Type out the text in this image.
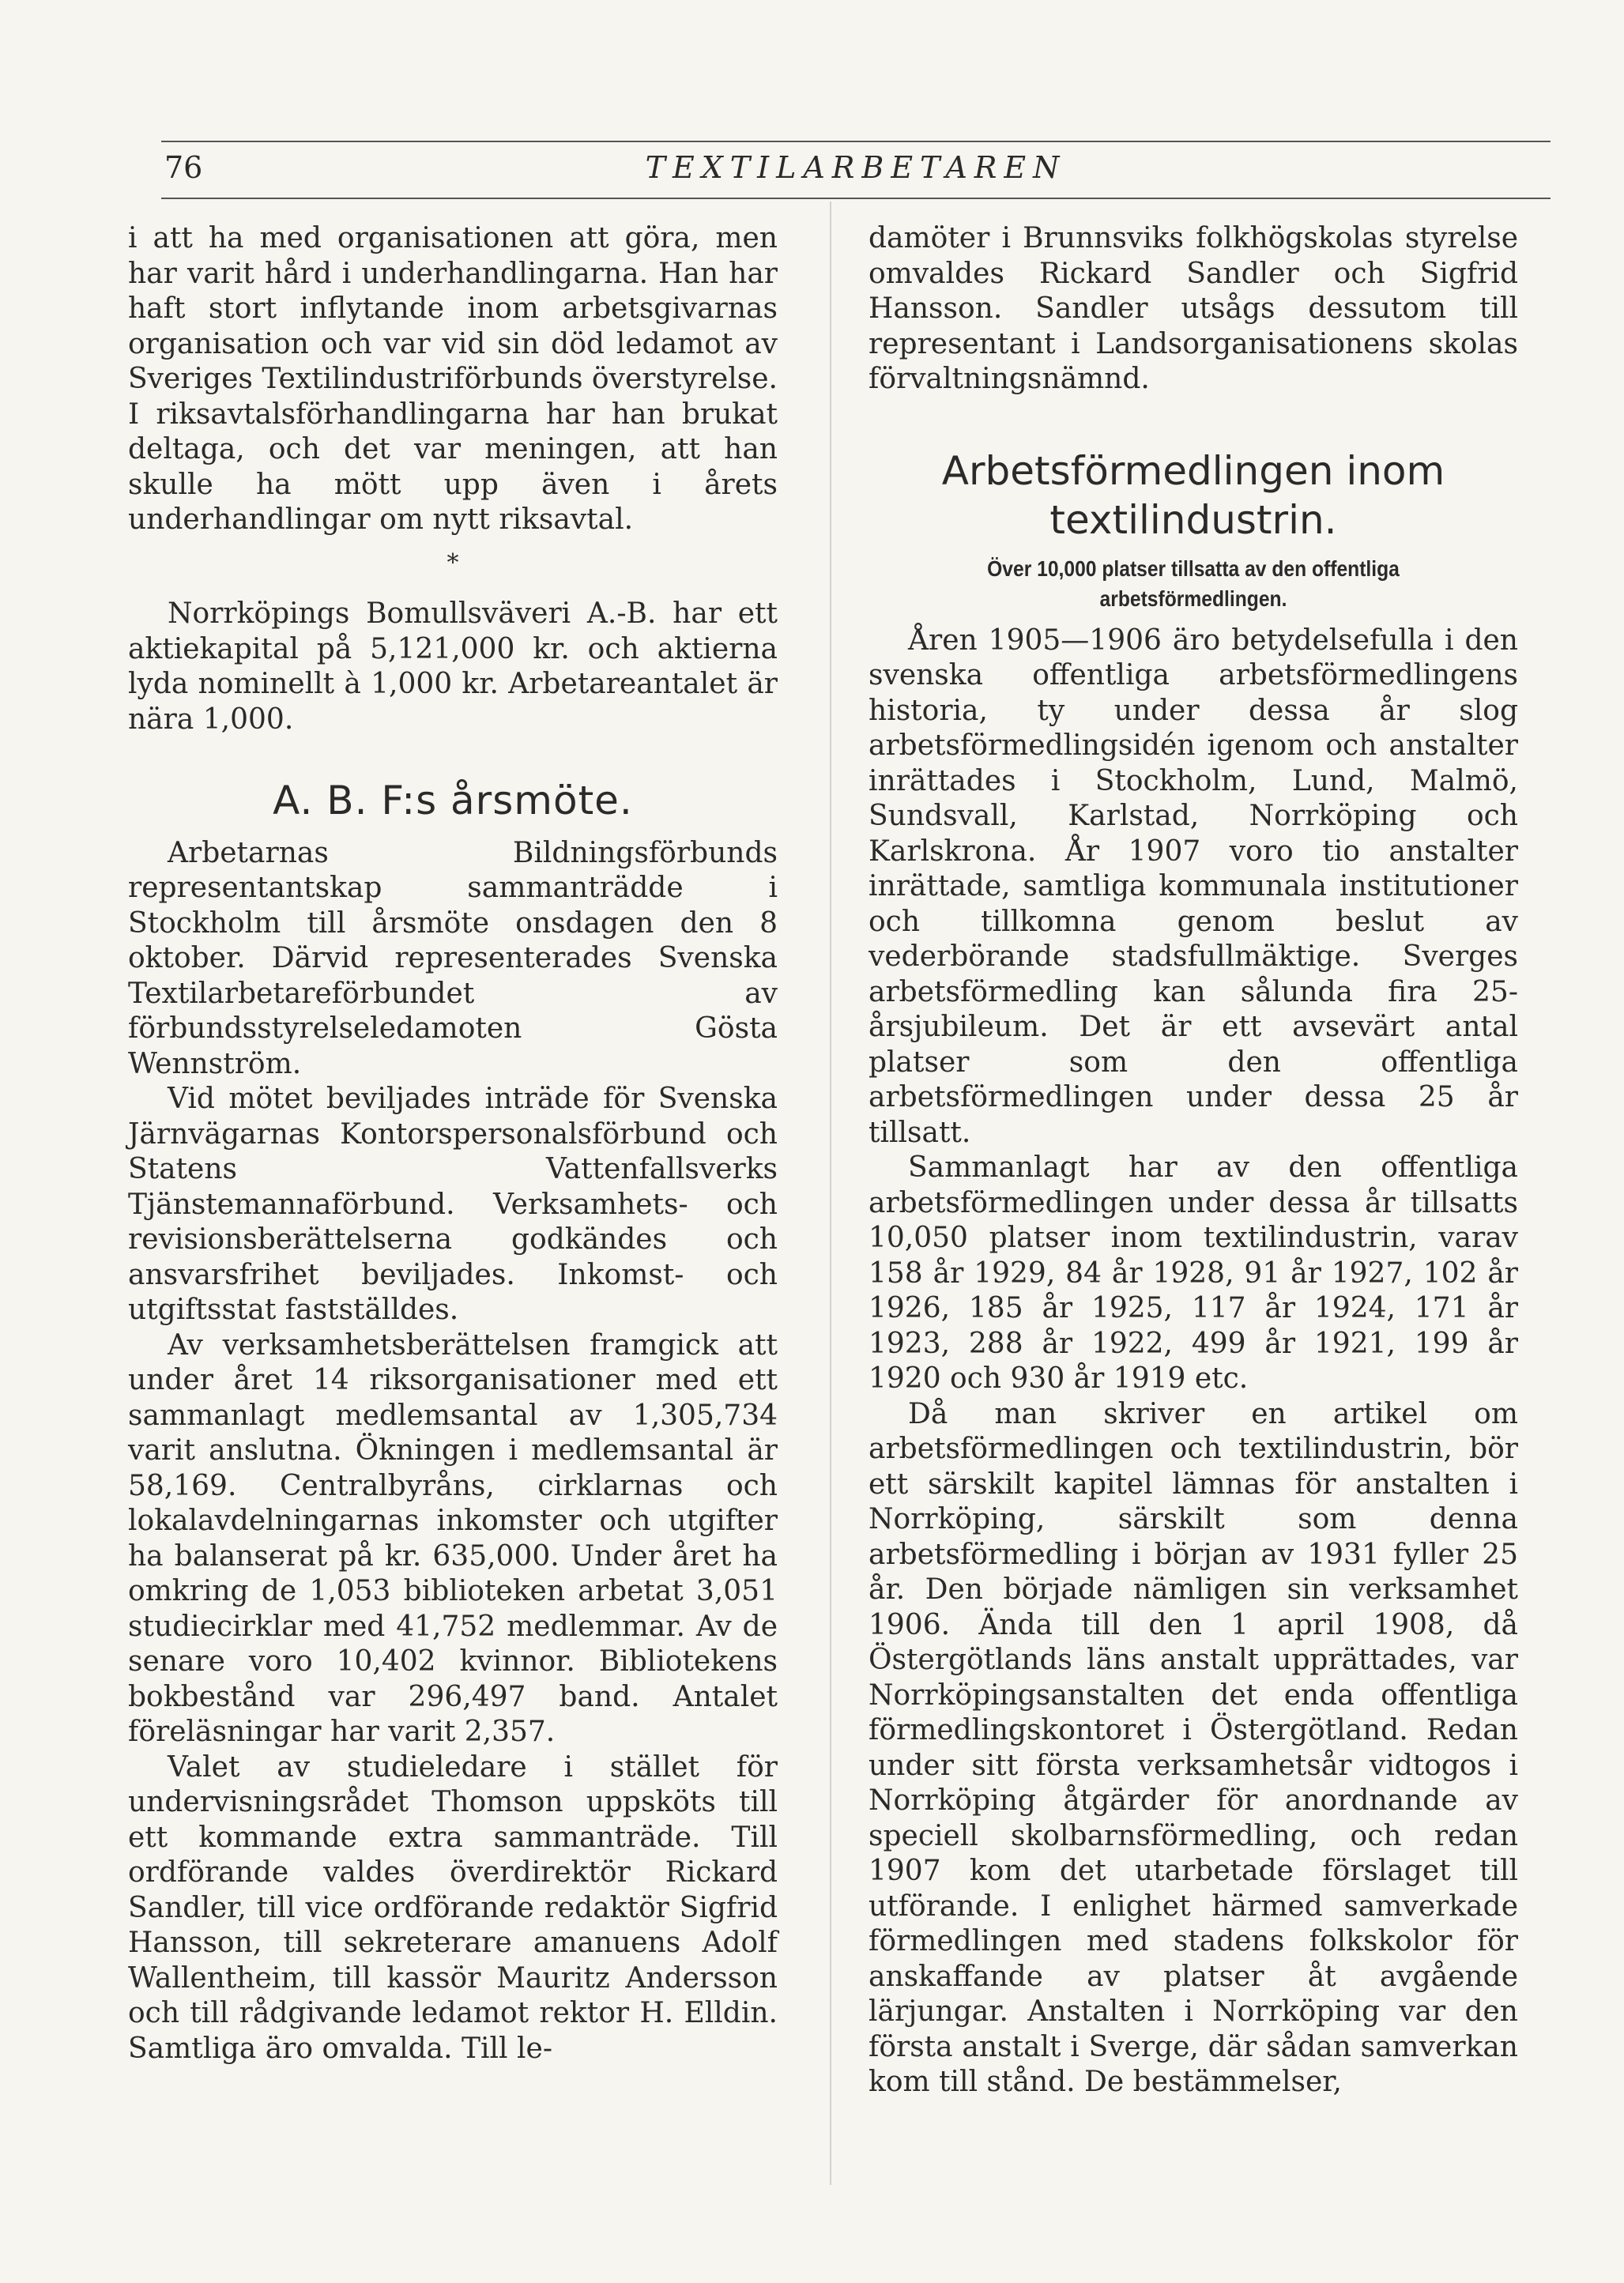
76	TEXTILARBETAREN

i att ha med organisationen att göra, men har varit hård i underhandlingarna. Han har haft stort inflytande inom arbetsgivarnas organisation och var vid sin död ledamot av Sveriges Textilindustriförbunds överstyrelse. I riksavtalsförhandlingarna har han brukat deltaga, och det var meningen, att han skulle ha mött upp även i årets underhandlingar om nytt riksavtal.

*

Norrköpings Bomullsväveri A.-B. har ett aktiekapital på 5,121,000 kr. och aktierna lyda nominellt à 1,000 kr. Arbetareantalet är nära 1,000.

A. B. F:s årsmöte.

Arbetarnas Bildningsförbunds representantskap sammanträdde i Stockholm till årsmöte onsdagen den 8 oktober. Därvid representerades Svenska Textilarbetareförbundet av förbundsstyrelseledamoten Gösta Wennström.

Vid mötet beviljades inträde för Svenska Järnvägarnas Kontorspersonalsförbund och Statens Vattenfallsverks Tjänstemannaförbund. Verksamhets- och revisionsberättelserna godkändes och ansvarsfrihet beviljades. Inkomst- och utgiftsstat fastställdes.

Av verksamhetsberättelsen framgick att under året 14 riksorganisationer med ett sammanlagt medlemsantal av 1,305,734 varit anslutna. Ökningen i medlemsantal är 58,169. Centralbyråns, cirklarnas och lokalavdelningarnas inkomster och utgifter ha balanserat på kr. 635,000. Under året ha omkring de 1,053 biblioteken arbetat 3,051 studiecirklar med 41,752 medlemmar. Av de senare voro 10,402 kvinnor. Bibliotekens bokbestånd var 296,497 band. Antalet föreläsningar har varit 2,357.

Valet av studieledare i stället för undervisningsrådet Thomson uppsköts till ett kommande extra sammanträde. Till ordförande valdes överdirektör Rickard Sandler, till vice ordförande redaktör Sigfrid Hansson, till sekreterare amanuens Adolf Wallentheim, till kassör Mauritz Andersson och till rådgivande ledamot rektor H. Elldin. Samtliga äro omvalda. Till le-

damöter i Brunnsviks folkhögskolas styrelse omvaldes Rickard Sandler och Sigfrid Hansson. Sandler utsågs dessutom till representant i Landsorganisationens skolas förvaltningsnämnd.

Arbetsförmedlingen inom textilindustrin.
Över 10,000 platser tillsatta av den offentliga arbetsförmedlingen.

Åren 1905—1906 äro betydelsefulla i den svenska offentliga arbetsförmedlingens historia, ty under dessa år slog arbetsförmedlingsidén igenom och anstalter inrättades i Stockholm, Lund, Malmö, Sundsvall, Karlstad, Norrköping och Karlskrona. År 1907 voro tio anstalter inrättade, samtliga kommunala institutioner och tillkomna genom beslut av vederbörande stadsfullmäktige. Sverges arbetsförmedling kan sålunda fira 25-årsjubileum. Det är ett avsevärt antal platser som den offentliga arbetsförmedlingen under dessa 25 år tillsatt.

Sammanlagt har av den offentliga arbetsförmedlingen under dessa år tillsatts 10,050 platser inom textilindustrin, varav 158 år 1929, 84 år 1928, 91 år 1927, 102 år 1926, 185 år 1925, 117 år 1924, 171 år 1923, 288 år 1922, 499 år 1921, 199 år 1920 och 930 år 1919 etc.

Då man skriver en artikel om arbetsförmedlingen och textilindustrin, bör ett särskilt kapitel lämnas för anstalten i Norrköping, särskilt som denna arbetsförmedling i början av 1931 fyller 25 år. Den började nämligen sin verksamhet 1906. Ända till den 1 april 1908, då Östergötlands läns anstalt upprättades, var Norrköpingsanstalten det enda offentliga förmedlingskontoret i Östergötland. Redan under sitt första verksamhetsår vidtogos i Norrköping åtgärder för anordnande av speciell skolbarnsförmedling, och redan 1907 kom det utarbetade förslaget till utförande. I enlighet härmed samverkade förmedlingen med stadens folkskolor för anskaffande av platser åt avgående lärjungar. Anstalten i Norrköping var den första anstalt i Sverge, där sådan samverkan kom till stånd. De bestämmelser,
